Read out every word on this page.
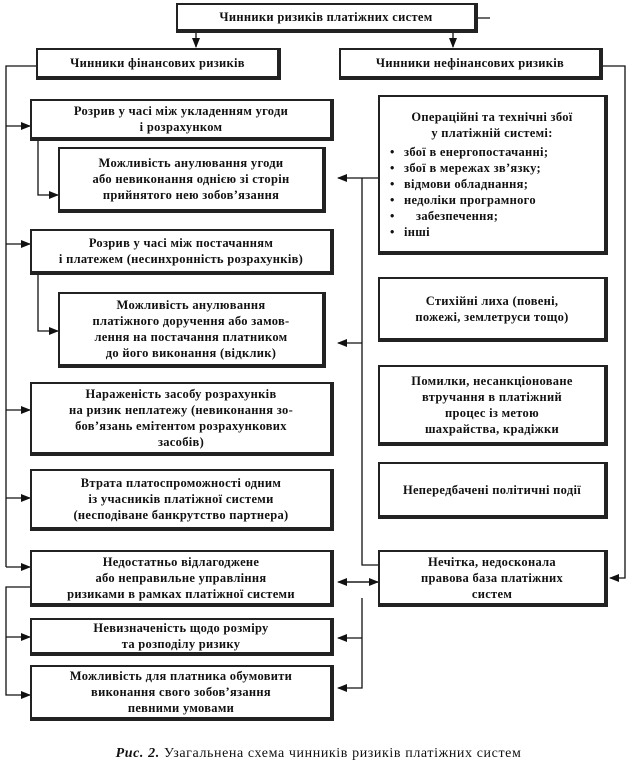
Чинники ризиків платіжних систем
Чинники фінансових ризиків	Чинники нефінансових ризиків
Розрив у часі між укладенням угоди
і розрахунком
Можливість анулювання угоди
або невиконання однією зі сторін
прийнятого нею зобов’язання
Розрив у часі між постачанням
і платежем (несинхронність розрахунків)
Можливість анулювання
платіжного доручення або замов-
лення на постачання платником
до його виконання (відклик)
Нараженість засобу розрахунків
на ризик неплатежу (невиконання зо-
бов’язань емітентом розрахункових
засобів)
Втрата платоспроможності одним
із учасників платіжної системи
(несподіване банкрутство партнера)
Недостатньо відлагоджене
або неправильне управління
ризиками в рамках платіжної системи
Невизначеність щодо розміру
та розподілу ризику
Можливість для платника обумовити
виконання свого зобов’язання
певними умовами
Операційні та технічні збої
у платіжній системі:
• збої в енергопостачанні;
• збої в мережах зв’язку;
• відмови обладнання;
• недоліки програмного
• забезпечення;
• інші
Стихійні лиха (повені,
пожежі, землетруси тощо)
Помилки, несанкціоноване
втручання в платіжний
процес із метою
шахрайства, крадіжки
Непередбачені політичні події
Нечітка, недосконала
правова база платіжних
систем
Рис. 2. Узагальнена схема чинників ризиків платіжних систем
